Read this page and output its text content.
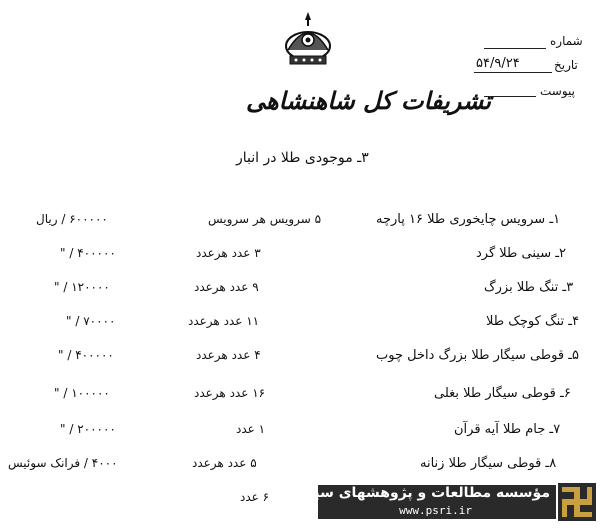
تشریفات کل شاهنشاهی
شماره
تاریخ
۵۴/۹/۲۴
پیوست
۳ـ موجودی طلا در انبار
۱ـ سرویس چایخوری طلا ۱۶ پارچه
۵ سرویس هر سرویس
۶۰۰۰۰۰ / ریال
۲ـ سینی طلا گرد
۳ عدد هرعدد
۴۰۰۰۰۰ / "
۳ـ تنگ طلا بزرگ
۹ عدد هرعدد
۱۲۰۰۰۰ / "
۴ـ تنگ کوچک طلا
۱۱ عدد هرعدد
۷۰۰۰۰ / "
۵ـ قوطی سیگار طلا بزرگ داخل چوب
۴ عدد هرعدد
۴۰۰۰۰۰ / "
۶ـ قوطی سیگار طلا بغلی
۱۶ عدد هرعدد
۱۰۰۰۰۰ / "
۷ـ جام طلا آیه قرآن
۱ عدد
۲۰۰۰۰۰ / "
۸ـ قوطی سیگار طلا زنانه
۵ عدد هرعدد
۴۰۰۰ / فرانک سوئیس
۶ عدد مؤسسه مطالعات و پژوهشهای سیاسی
www.psri.ir
